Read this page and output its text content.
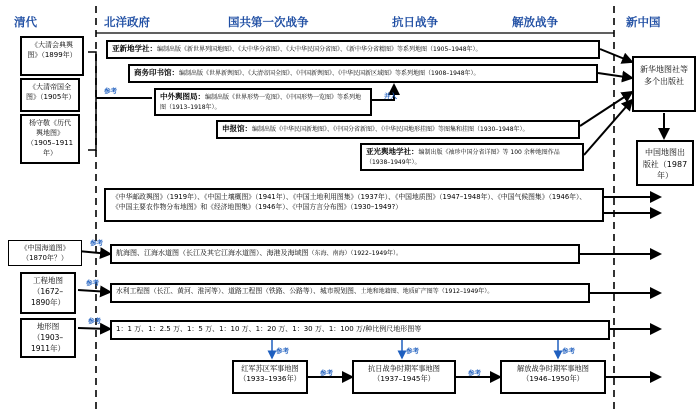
清代	北洋政府	国共第一次战争	抗日战争	解放战争	新中国
《大清会典舆图》（1899年）
《大清帝国全图》（1905年）
杨守敬《历代舆地图》（1905–1911年）
《中国海道图》（1870年？）
工程地图（1672–1890年）
地形图（1903–1911年）
亚新地学社：编制出版《新世界列国地图》、《大中华分省图》、《大中华民国分省图》、《新中华分省精图》等系列地图（1905–1948年）。
商务印书馆：编制出版《世界新舆图》、《大清帝国全图》、《中国新舆图》、《中华民国新区域图》等系列地图（1908–1948年）。
中外舆图局：编制出版《世界形势一览图》、《中国形势一览图》等系列地图（1913–1918年）。
申报馆：编制出版《中华民国新地图》、《中国分省新图》、《中华民国地形挂图》等图集和挂图（1930–1948年）。
亚光舆地学社：编制出版《袖珍中国分省详图》等 100 余种地图作品（1938–1949年）。
新华地图社等多个出版社
中国地图出版社（1987年）
《中华邮政舆图》（1919年）、《中国土壤概图》（1941年）、《中国土地利用图集》（1937年）、《中国地质图》（1947–1948年）、《中国气候图集》（1946年）、《中国主要农作物分布地图》和《经济地图集》（1946年）、《中国方言分布图》（1930–1949?）
航海图、江海水道图（长江及其它江海水道图）、海港及海域图（东海、南海）（1922–1949年）。
水利工程图（长江、黄河、淮河等）、道路工程图（铁路、公路等）、城市规划图、土地和地籍图、地质矿产图等（1912–1949年）。
1：1 万、1：2.5 万、1：5 万、1：10 万、1：20 万、1：30 万、1：100 万/种比例尺地形图等
红军苏区军事地图（1933–1936年）
抗日战争时期军事地图（1937–1945年）
解放战争时期军事地图（1946–1950年）
参考
并入
参考
参考
参考
参考
参考
参考
参考
参考
